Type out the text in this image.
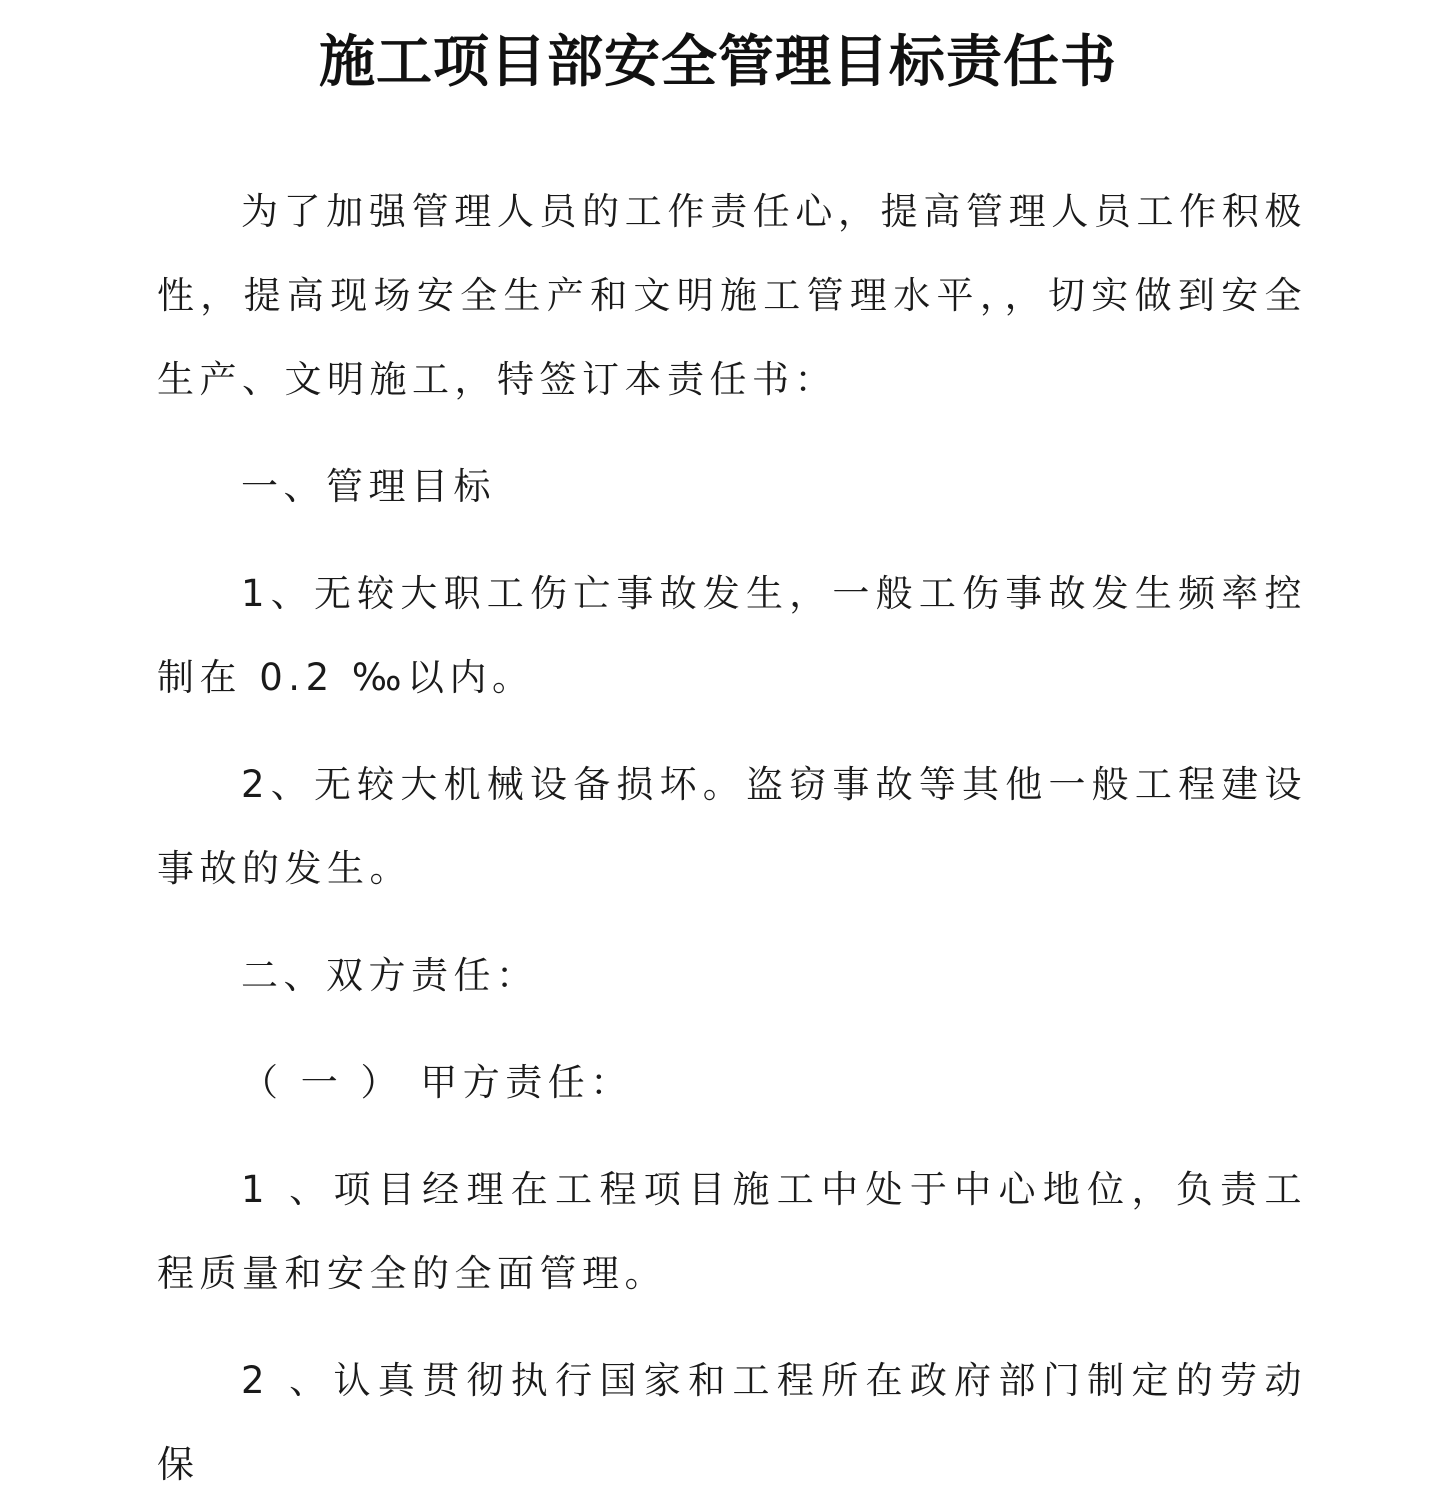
施工项目部安全管理目标责任书

为了加强管理人员的工作责任心，提高管理人员工作积极性，提高现场安全生产和文明施工管理水平，，切实做到安全生产、文明施工，特签订本责任书：

一、管理目标

1、无较大职工伤亡事故发生，一般工伤事故发生频率控制在 0.2 ‰以内。

2、无较大机械设备损坏。盗窃事故等其他一般工程建设事故的发生。

二、双方责任：

（ 一 ） 甲方责任：

1 、项目经理在工程项目施工中处于中心地位，负责工程质量和安全的全面管理。

2 、认真贯彻执行国家和工程所在政府部门制定的劳动保
